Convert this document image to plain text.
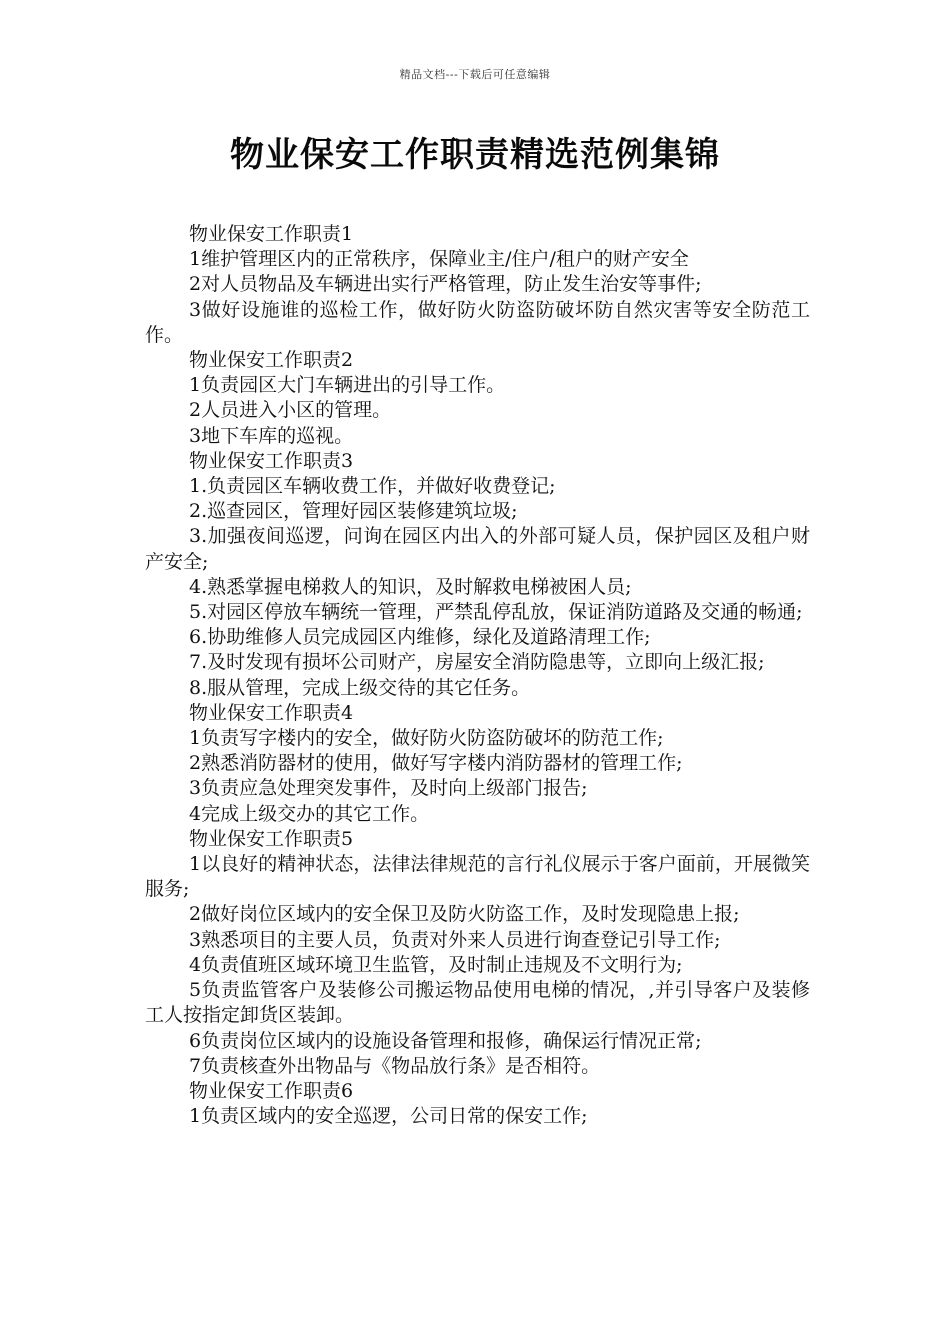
精品文档---下载后可任意编辑
物业保安工作职责精选范例集锦

物业保安工作职责1

1维护管理区内的正常秩序，保障业主/住户/租户的财产安全

2对人员物品及车辆进出实行严格管理，防止发生治安等事件;

3做好设施谁的巡检工作，做好防火防盗防破坏防自然灾害等安全防范工作。

物业保安工作职责2

1负责园区大门车辆进出的引导工作。

2人员进入小区的管理。

3地下车库的巡视。

物业保安工作职责3

1.负责园区车辆收费工作，并做好收费登记;

2.巡查园区，管理好园区装修建筑垃圾;

3.加强夜间巡逻，问询在园区内出入的外部可疑人员，保护园区及租户财产安全;

4.熟悉掌握电梯救人的知识，及时解救电梯被困人员;

5.对园区停放车辆统一管理，严禁乱停乱放，保证消防道路及交通的畅通;

6.协助维修人员完成园区内维修，绿化及道路清理工作;

7.及时发现有损坏公司财产，房屋安全消防隐患等，立即向上级汇报;

8.服从管理，完成上级交待的其它任务。

物业保安工作职责4

1负责写字楼内的安全，做好防火防盗防破坏的防范工作;

2熟悉消防器材的使用，做好写字楼内消防器材的管理工作;

3负责应急处理突发事件，及时向上级部门报告;

4完成上级交办的其它工作。

物业保安工作职责5

1以良好的精神状态，法律法律规范的言行礼仪展示于客户面前，开展微笑服务;

2做好岗位区域内的安全保卫及防火防盗工作，及时发现隐患上报;

3熟悉项目的主要人员，负责对外来人员进行询查登记引导工作;

4负责值班区域环境卫生监管，及时制止违规及不文明行为;

5负责监管客户及装修公司搬运物品使用电梯的情况，,并引导客户及装修工人按指定卸货区装卸。

6负责岗位区域内的设施设备管理和报修，确保运行情况正常;

7负责核查外出物品与《物品放行条》是否相符。

物业保安工作职责6

1负责区域内的安全巡逻，公司日常的保安工作;
